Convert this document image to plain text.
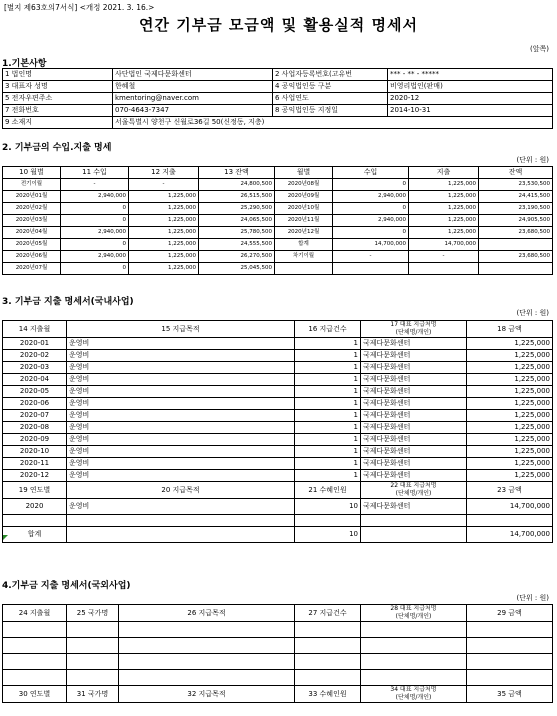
[별지 제63호의7서식] <개정 2021. 3. 16.>
연간 기부금 모금액 및 활용실적 명세서
(앞쪽)
1.기본사항
1 법인명	사단법인 국제다문화센터	2 사업자등록번호(고유번	*** - ** - *****
3 대표자 성명	한혜철	4 공익법인등 구분	비영리법인(판매)
5 전자우편주소	kmentoring@naver.com	6 사업연도	2020-12
7 전화번호	070-4643-7347	8 공익법인등 지정일	2014-10-31
9 소재지	서울특별시 양천구 신월로36길 50(신정동, 지층)		
2. 기부금의 수입.지출 명세
(단위 : 원)
10 월별	11 수입	12 지출	13 잔액	월별	수입	지출	잔액
전기이월	-	-	24,800,500	2020년08월	0	1,225,000	23,530,500
2020년01월	2,940,000	1,225,000	26,515,500	2020년09월	2,940,000	1,225,000	24,415,500
2020년02월	0	1,225,000	25,290,500	2020년10월	0	1,225,000	23,190,500
2020년03월	0	1,225,000	24,065,500	2020년11월	2,940,000	1,225,000	24,905,500
2020년04월	2,940,000	1,225,000	25,780,500	2020년12월	0	1,225,000	23,680,500
2020년05월	0	1,225,000	24,555,500	합계	14,700,000	14,700,000	
2020년06월	2,940,000	1,225,000	26,270,500	차기이월	-	-	23,680,500
2020년07월	0	1,225,000	25,045,500				
3. 기부금 지출 명세서(국내사업)
(단위 : 원)
14 지출월	15 지급목적	16 지급건수	17 대표 지급처명
(단체명/개인)	18 금액
2020-01	운영비	1	국제다문화센터	1,225,000
2020-02	운영비	1	국제다문화센터	1,225,000
2020-03	운영비	1	국제다문화센터	1,225,000
2020-04	운영비	1	국제다문화센터	1,225,000
2020-05	운영비	1	국제다문화센터	1,225,000
2020-06	운영비	1	국제다문화센터	1,225,000
2020-07	운영비	1	국제다문화센터	1,225,000
2020-08	운영비	1	국제다문화센터	1,225,000
2020-09	운영비	1	국제다문화센터	1,225,000
2020-10	운영비	1	국제다문화센터	1,225,000
2020-11	운영비	1	국제다문화센터	1,225,000
2020-12	운영비	1	국제다문화센터	1,225,000
19 연도별	20 지급목적	21 수혜인원	22 대표 지급처명
(단체명/개인)	23 금액
2020	운영비	10	국제다문화센터	14,700,000

합계		10		14,700,000
4.기부금 지출 명세서(국외사업)
(단위 : 원)
24 지출월	25 국가명	26 지급목적	27 지급건수	28 대표 지급처명
(단체명/개인)	29 금액

30 연도별	31 국가명	32 지급목적	33 수혜인원	34 대표 지급처명
(단체명/개인)	35 금액
